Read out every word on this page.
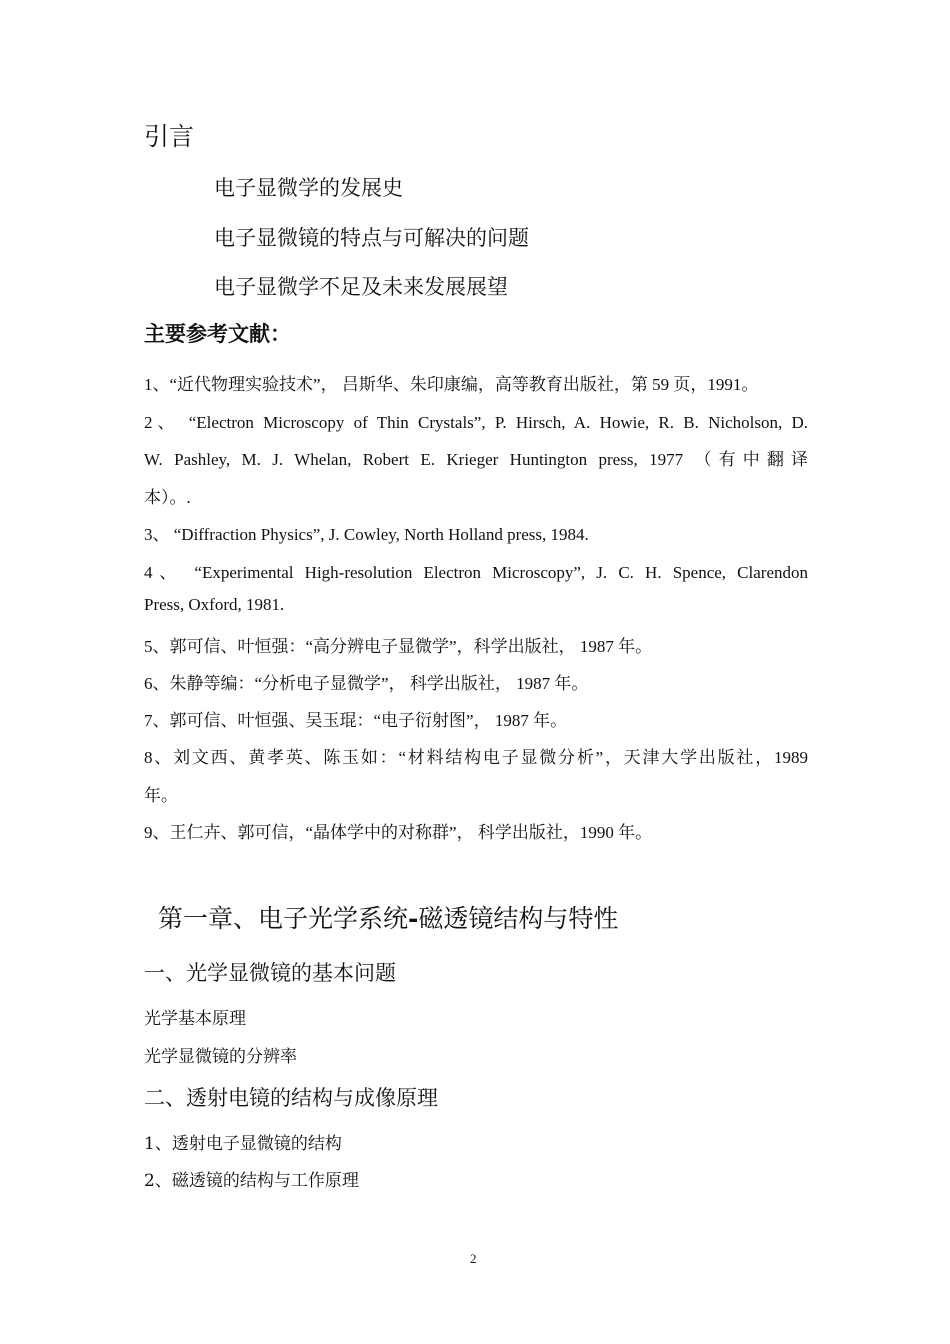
引言
电子显微学的发展史
电子显微镜的特点与可解决的问题
电子显微学不足及未来发展展望
主要参考文献：
1、“近代物理实验技术”， 吕斯华、朱印康编，高等教育出版社，第 59 页，1991。
2、 “Electron Microscopy of Thin Crystals”, P. Hirsch, A. Howie, R. B. Nicholson, D.
W. Pashley, M. J. Whelan, Robert E. Krieger Huntington press, 1977 （有中翻译
本）。.
3、 “Diffraction Physics”, J. Cowley, North Holland press, 1984.
4、 “Experimental High-resolution Electron Microscopy”, J. C. H. Spence, Clarendon
Press, Oxford, 1981.
5、郭可信、叶恒强：“高分辨电子显微学”，科学出版社， 1987 年。
6、朱静等编：“分析电子显微学”， 科学出版社， 1987 年。
7、郭可信、叶恒强、吴玉琨：“电子衍射图”， 1987 年。
8、刘文西、黄孝英、陈玉如：“材料结构电子显微分析”，天津大学出版社，1989
年。
9、王仁卉、郭可信，“晶体学中的对称群”， 科学出版社，1990 年。
第一章、电子光学系统-磁透镜结构与特性
一、光学显微镜的基本问题
光学基本原理
光学显微镜的分辨率
二、透射电镜的结构与成像原理
1、透射电子显微镜的结构
2、磁透镜的结构与工作原理
2
